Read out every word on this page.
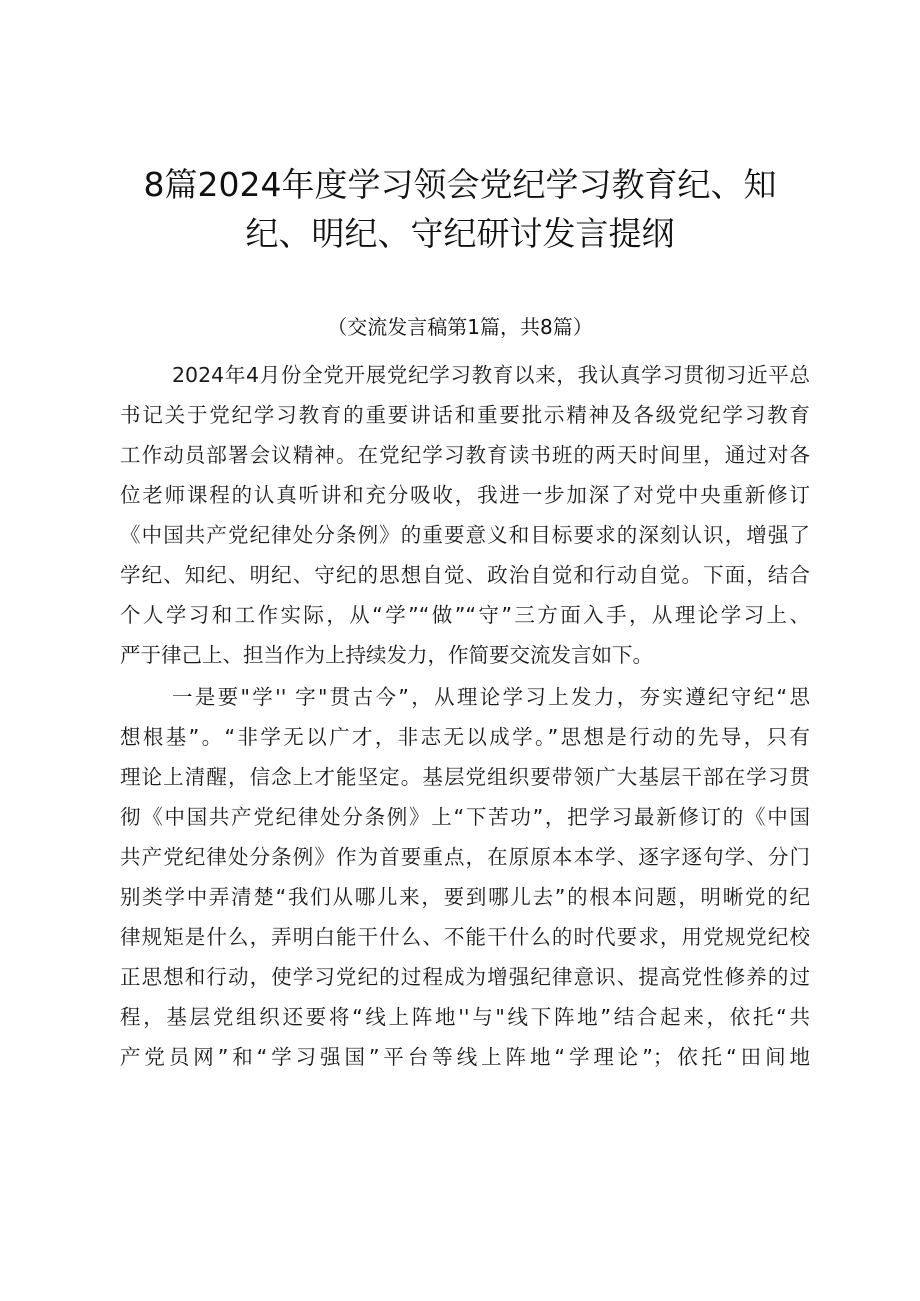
8篇2024年度学习领会党纪学习教育纪、知
纪、明纪、守纪研讨发言提纲
（交流发言稿第1篇，共8篇）
2024年4月份全党开展党纪学习教育以来，我认真学习贯彻习近平总
书记关于党纪学习教育的重要讲话和重要批示精神及各级党纪学习教育
工作动员部署会议精神。在党纪学习教育读书班的两天时间里，通过对各
位老师课程的认真听讲和充分吸收，我进一步加深了对党中央重新修订
《中国共产党纪律处分条例》的重要意义和目标要求的深刻认识，增强了
学纪、知纪、明纪、守纪的思想自觉、政治自觉和行动自觉。下面，结合
个人学习和工作实际，从“学”“做”“守”三方面入手，从理论学习上、
严于律己上、担当作为上持续发力，作简要交流发言如下。
一是要"学'' 字"贯古今”，从理论学习上发力，夯实遵纪守纪“思
想根基”。“非学无以广才，非志无以成学。”思想是行动的先导，只有
理论上清醒，信念上才能坚定。基层党组织要带领广大基层干部在学习贯
彻《中国共产党纪律处分条例》上“下苦功”，把学习最新修订的《中国
共产党纪律处分条例》作为首要重点，在原原本本学、逐字逐句学、分门
别类学中弄清楚“我们从哪儿来，要到哪儿去”的根本问题，明晰党的纪
律规矩是什么，弄明白能干什么、不能干什么的时代要求，用党规党纪校
正思想和行动，使学习党纪的过程成为增强纪律意识、提高党性修养的过
程，基层党组织还要将“线上阵地''与"线下阵地”结合起来，依托“共
产党员网”和“学习强国”平台等线上阵地“学理论”；依托“田间地
